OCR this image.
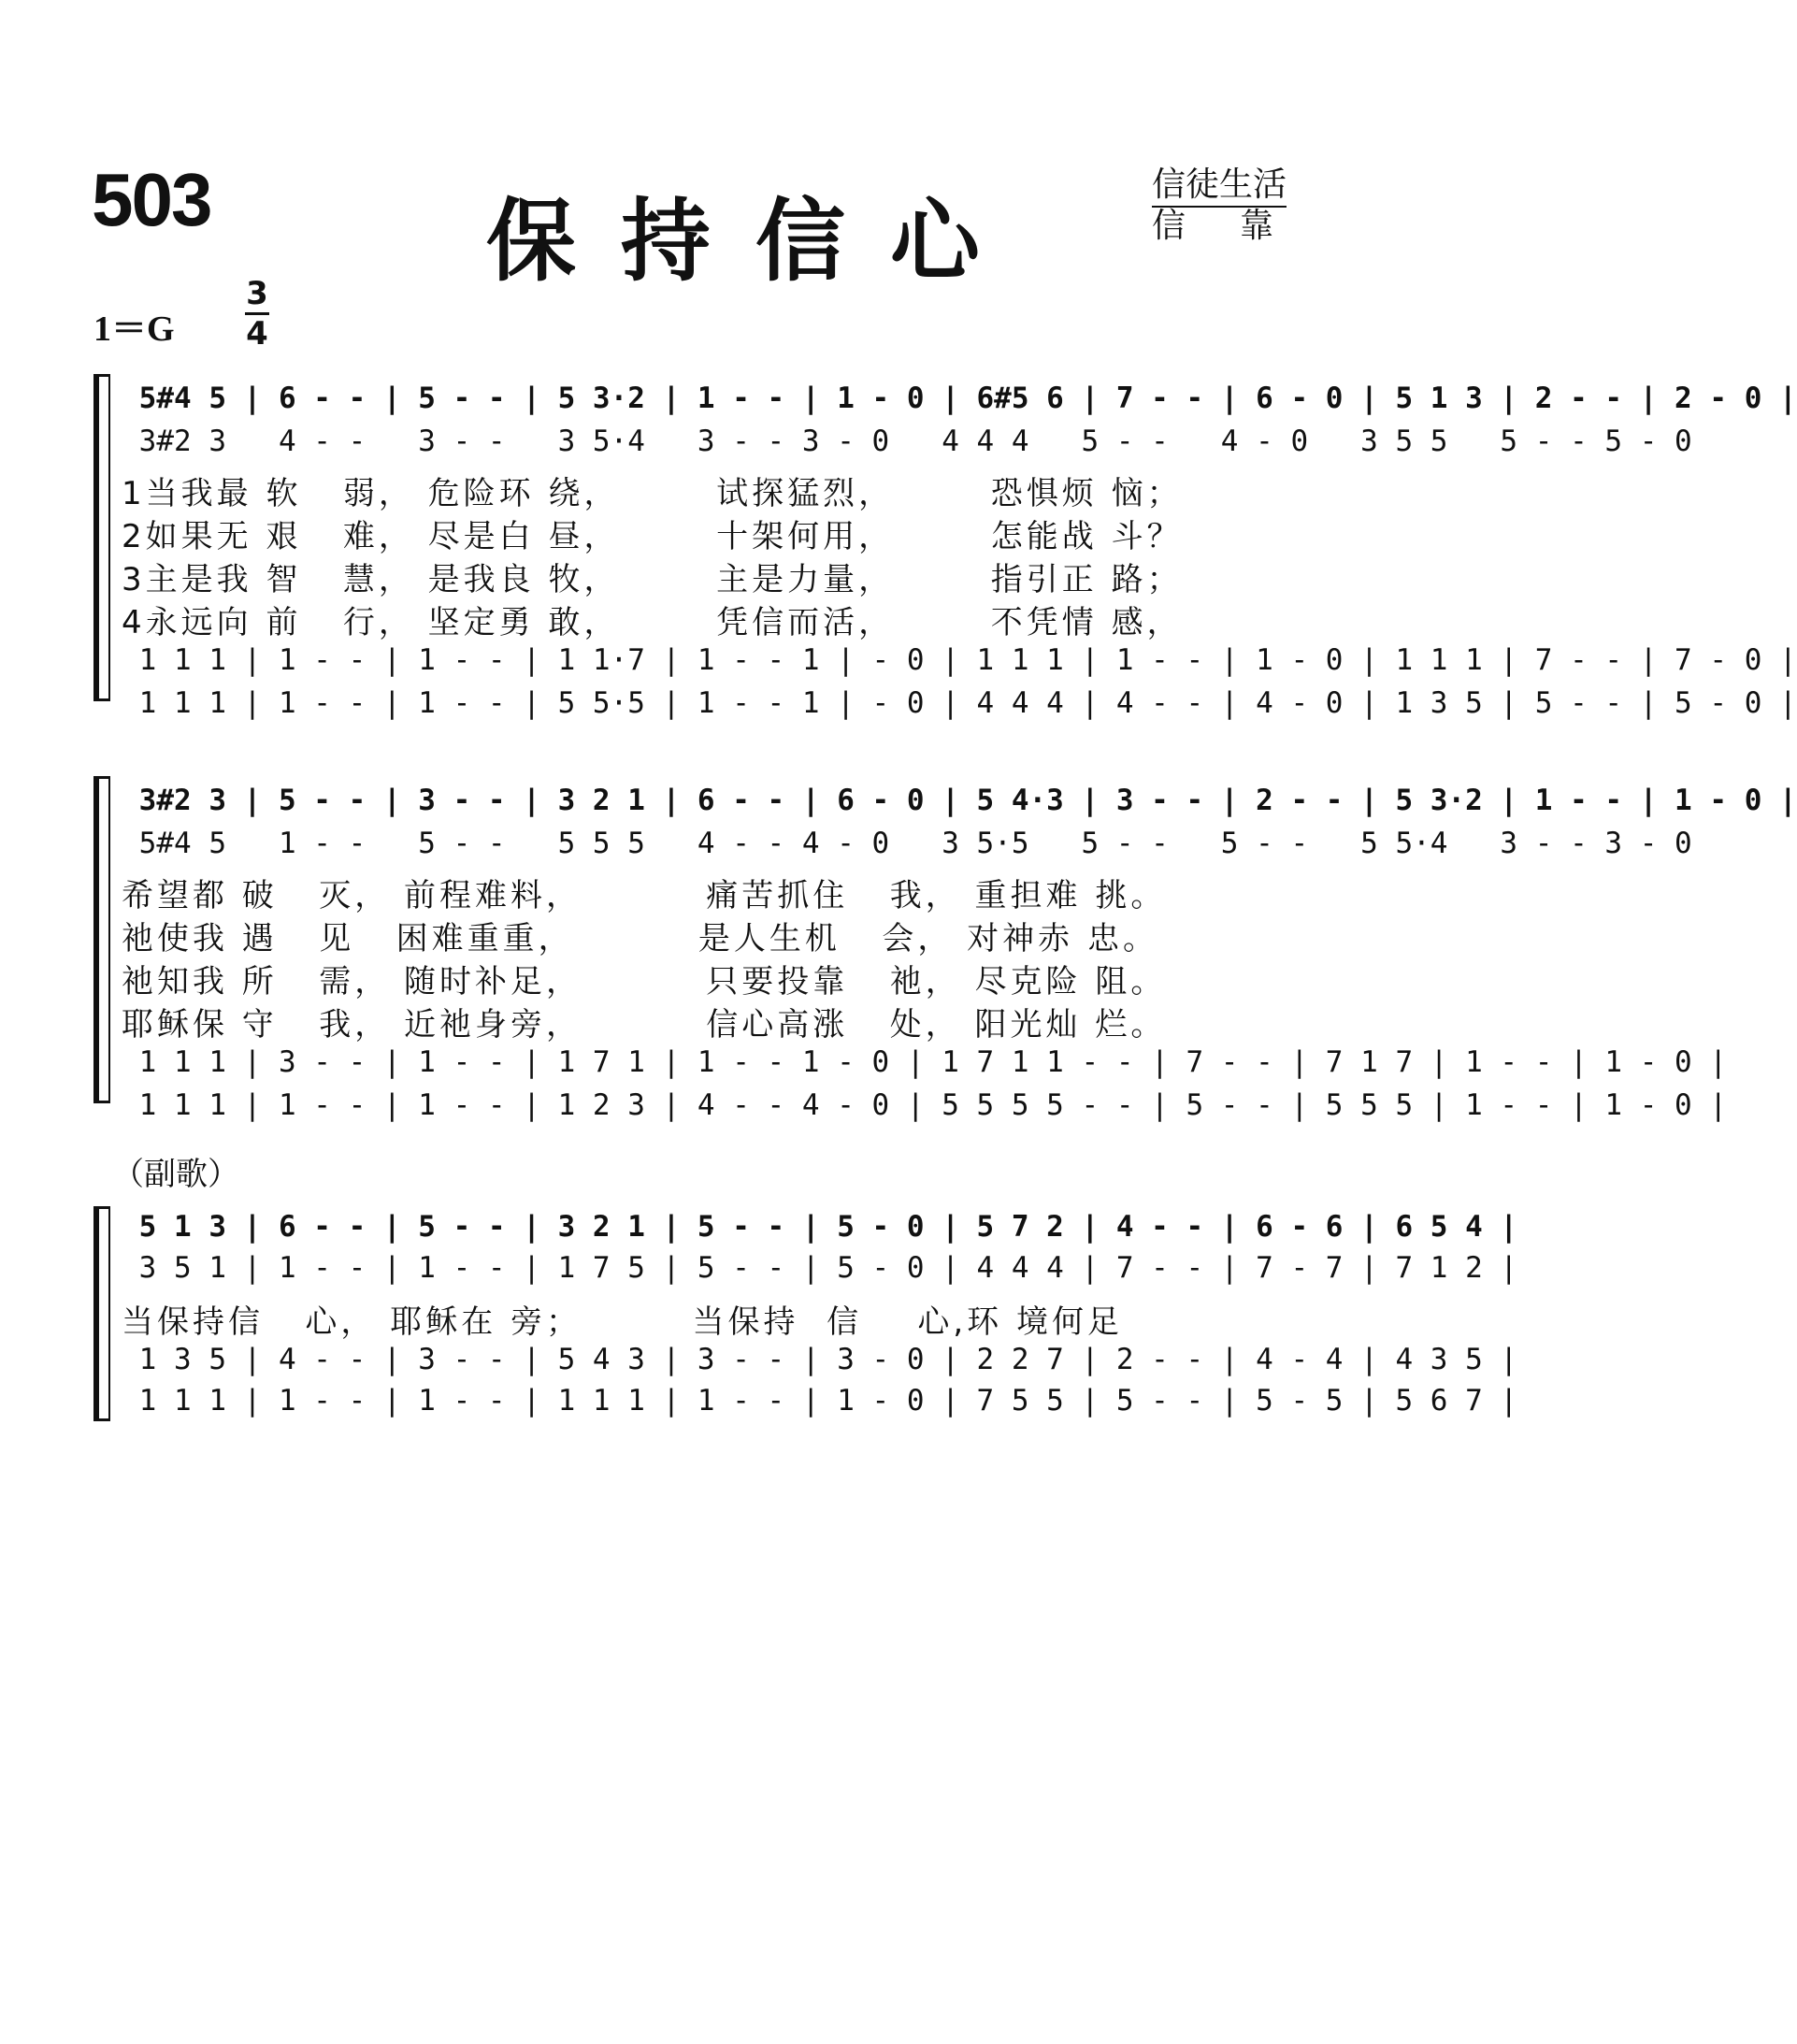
503	保持信心
信徒生活
信靠
1＝G
3
4
5#4 5 | 6 - - | 5 - - | 5 3·2 | 1 - - | 1 - 0 | 6#5 6 | 7 - - | 6 - 0 | 5 1 3 | 2 - - | 2 - 0 |
3#2 3   4 - -   3 - -   3 5·4   3 - - 3 - 0   4 4 4   5 - -   4 - 0   3 5 5   5 - - 5 - 0
1当我最 软   弱， 危险环 绕，       试探猛烈，       恐惧烦 恼；
2如果无 艰   难， 尽是白 昼，       十架何用，       怎能战 斗？
3主是我 智   慧， 是我良 牧，       主是力量，       指引正 路；
4永远向 前   行， 坚定勇 敢，       凭信而活，       不凭情 感，
1 1 1 | 1 - - | 1 - - | 1 1·7 | 1 - - 1 | - 0 | 1 1 1 | 1 - - | 1 - 0 | 1 1 1 | 7 - - | 7 - 0 |
1 1 1 | 1 - - | 1 - - | 5 5·5 | 1 - - 1 | - 0 | 4 4 4 | 4 - - | 4 - 0 | 1 3 5 | 5 - - | 5 - 0 |
3#2 3 | 5 - - | 3 - - | 3 2 1 | 6 - - | 6 - 0 | 5 4·3 | 3 - - | 2 - - | 5 3·2 | 1 - - | 1 - 0 |
5#4 5   1 - -   5 - -   5 5 5   4 - - 4 - 0   3 5·5   5 - -   5 - -   5 5·4   3 - - 3 - 0
希望都 破   灭， 前程难料，         痛苦抓住   我， 重担难 挑。
祂使我 遇   见   困难重重，         是人生机   会， 对神赤 忠。
祂知我 所   需， 随时补足，         只要投靠   祂， 尽克险 阻。
耶稣保 守   我， 近祂身旁，         信心高涨   处， 阳光灿 烂。
1 1 1 | 3 - - | 1 - - | 1 7 1 | 1 - - 1 - 0 | 1 7 1 1 - - | 7 - - | 7 1 7 | 1 - - | 1 - 0 |
1 1 1 | 1 - - | 1 - - | 1 2 3 | 4 - - 4 - 0 | 5 5 5 5 - - | 5 - - | 5 5 5 | 1 - - | 1 - 0 |
（副歌）
5 1 3 | 6 - - | 5 - - | 3 2 1 | 5 - - | 5 - 0 | 5 7 2 | 4 - - | 6 - 6 | 6 5 4 |
3 5 1 | 1 - - | 1 - - | 1 7 5 | 5 - - | 5 - 0 | 4 4 4 | 7 - - | 7 - 7 | 7 1 2 |
当保持信   心， 耶稣在 旁；        当保持  信    心,环 境何足
1 3 5 | 4 - - | 3 - - | 5 4 3 | 3 - - | 3 - 0 | 2 2 7 | 2 - - | 4 - 4 | 4 3 5 |
1 1 1 | 1 - - | 1 - - | 1 1 1 | 1 - - | 1 - 0 | 7 5 5 | 5 - - | 5 - 5 | 5 6 7 |
